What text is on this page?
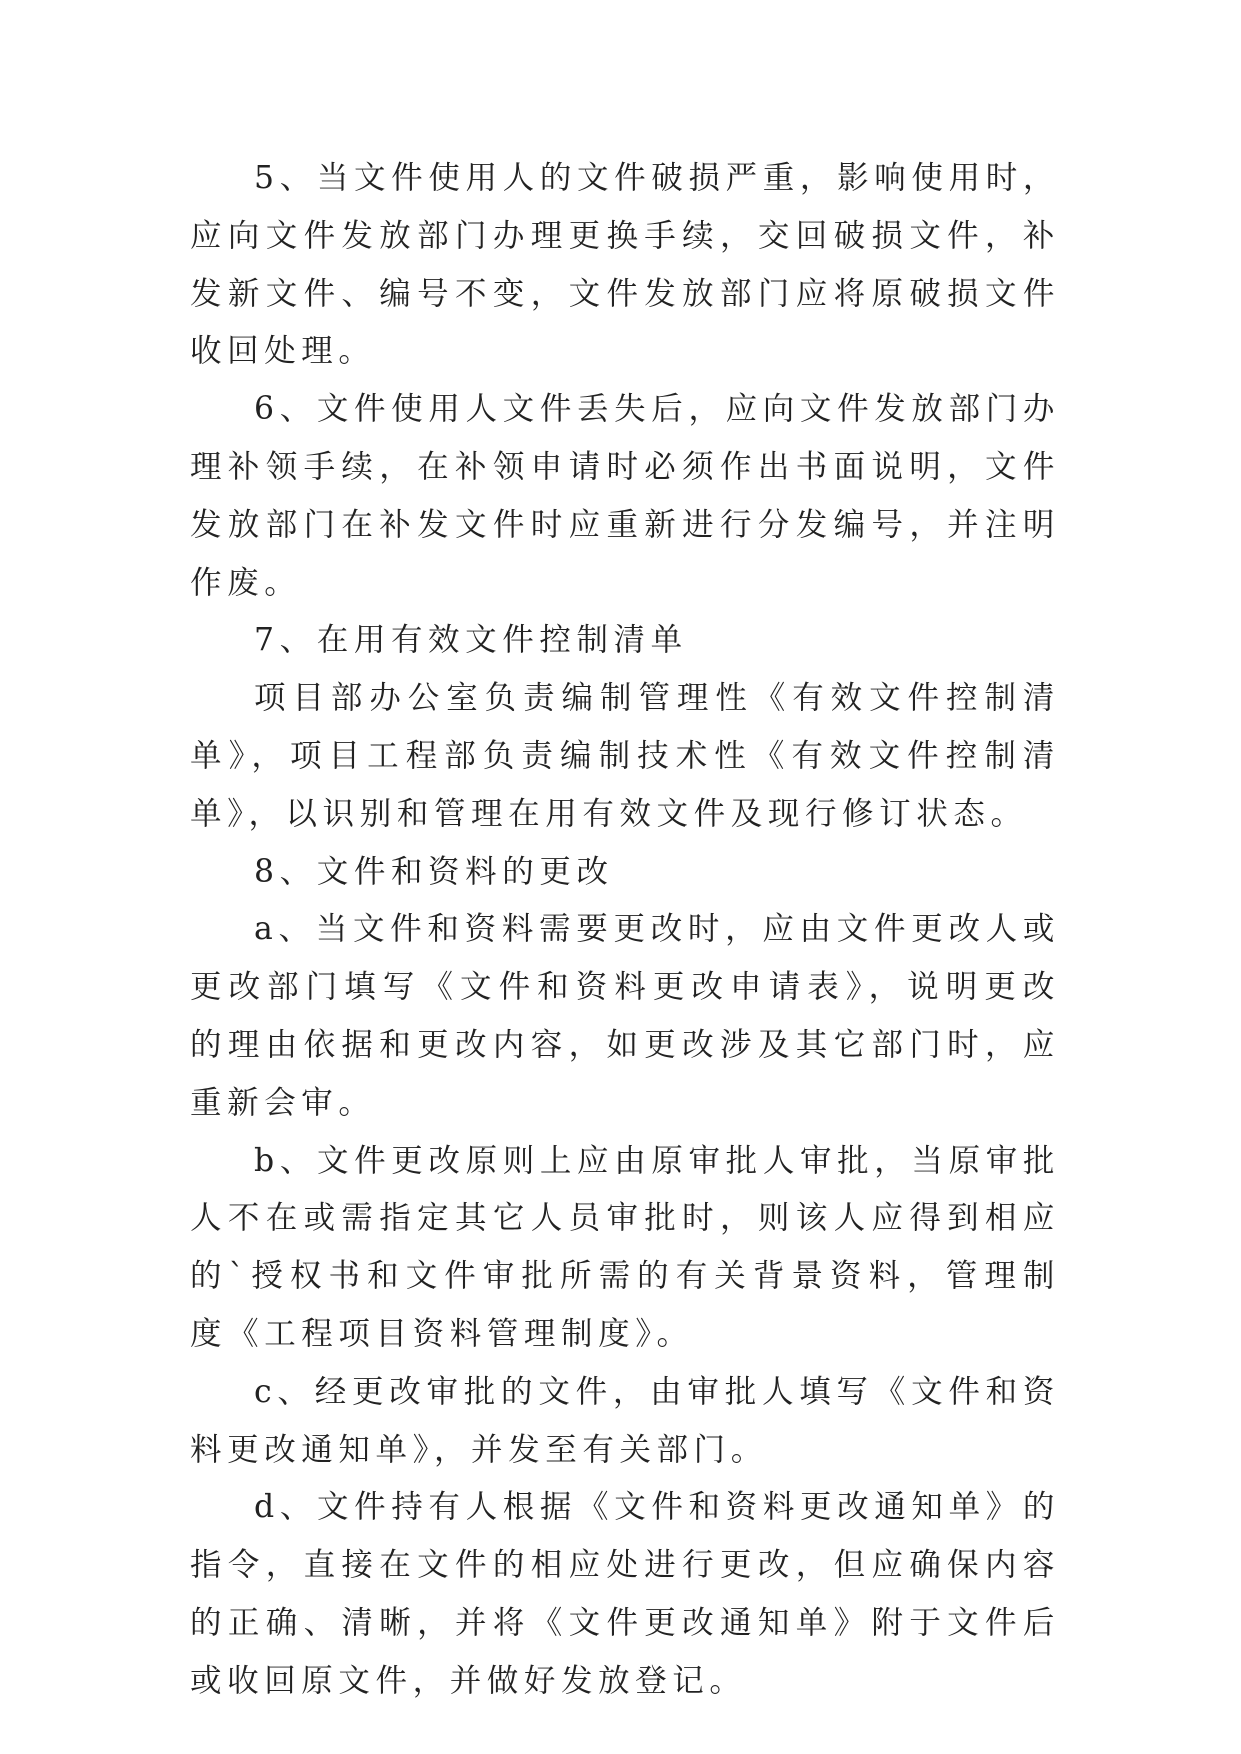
5、当文件使用人的文件破损严重，影响使用时，应向文件发放部门办理更换手续，交回破损文件，补发新文件、编号不变，文件发放部门应将原破损文件收回处理。

6、文件使用人文件丢失后，应向文件发放部门办理补领手续，在补领申请时必须作出书面说明，文件发放部门在补发文件时应重新进行分发编号，并注明作废。

7、在用有效文件控制清单

项目部办公室负责编制管理性《有效文件控制清单》，项目工程部负责编制技术性《有效文件控制清单》，以识别和管理在用有效文件及现行修订状态。

8、文件和资料的更改

a、当文件和资料需要更改时，应由文件更改人或更改部门填写《文件和资料更改申请表》，说明更改的理由依据和更改内容，如更改涉及其它部门时，应重新会审。

b、文件更改原则上应由原审批人审批，当原审批人不在或需指定其它人员审批时，则该人应得到相应的`授权书和文件审批所需的有关背景资料，管理制度《工程项目资料管理制度》。

c、经更改审批的文件，由审批人填写《文件和资料更改通知单》，并发至有关部门。

d、文件持有人根据《文件和资料更改通知单》的指令，直接在文件的相应处进行更改，但应确保内容的正确、清晰，并将《文件更改通知单》附于文件后或收回原文件，并做好发放登记。
